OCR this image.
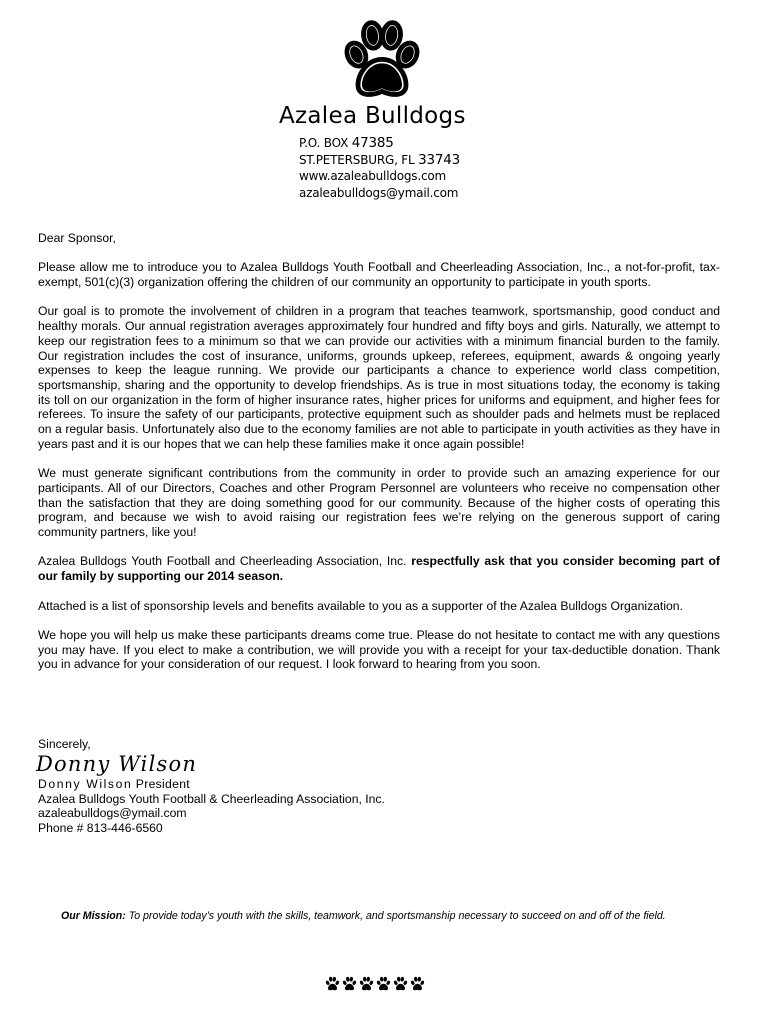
Azalea Bulldogs
P.O. BOX 47385
ST.PETERSBURG, FL 33743
www.azaleabulldogs.com
azaleabulldogs@ymail.com

Dear Sponsor,

Please allow me to introduce you to Azalea Bulldogs Youth Football and Cheerleading Association, Inc., a not-for-profit, tax-exempt, 501(c)(3) organization offering the children of our community an opportunity to participate in youth sports.

Our goal is to promote the involvement of children in a program that teaches teamwork, sportsmanship, good conduct and healthy morals. Our annual registration averages approximately four hundred and fifty boys and girls. Naturally, we attempt to keep our registration fees to a minimum so that we can provide our activities with a minimum financial burden to the family. Our registration includes the cost of insurance, uniforms, grounds upkeep, referees, equipment, awards & ongoing yearly expenses to keep the league running. We provide our participants a chance to experience world class competition, sportsmanship, sharing and the opportunity to develop friendships. As is true in most situations today, the economy is taking its toll on our organization in the form of higher insurance rates, higher prices for uniforms and equipment, and higher fees for referees. To insure the safety of our participants, protective equipment such as shoulder pads and helmets must be replaced on a regular basis. Unfortunately also due to the economy families are not able to participate in youth activities as they have in years past and it is our hopes that we can help these families make it once again possible!

We must generate significant contributions from the community in order to provide such an amazing experience for our participants. All of our Directors, Coaches and other Program Personnel are volunteers who receive no compensation other than the satisfaction that they are doing something good for our community. Because of the higher costs of operating this program, and because we wish to avoid raising our registration fees we’re relying on the generous support of caring community partners, like you!

Azalea Bulldogs Youth Football and Cheerleading Association, Inc. respectfully ask that you consider becoming part of our family by supporting our 2014 season.

Attached is a list of sponsorship levels and benefits available to you as a supporter of the Azalea Bulldogs Organization.

We hope you will help us make these participants dreams come true. Please do not hesitate to contact me with any questions you may have. If you elect to make a contribution, we will provide you with a receipt for your tax-deductible donation. Thank you in advance for your consideration of our request. I look forward to hearing from you soon.

Sincerely,
Donny Wilson
Donny Wilson President
Azalea Bulldogs Youth Football & Cheerleading Association, Inc.
azaleabulldogs@ymail.com
Phone # 813-446-6560
Our Mission: To provide today’s youth with the skills, teamwork, and sportsmanship necessary to succeed on and off of the field.
